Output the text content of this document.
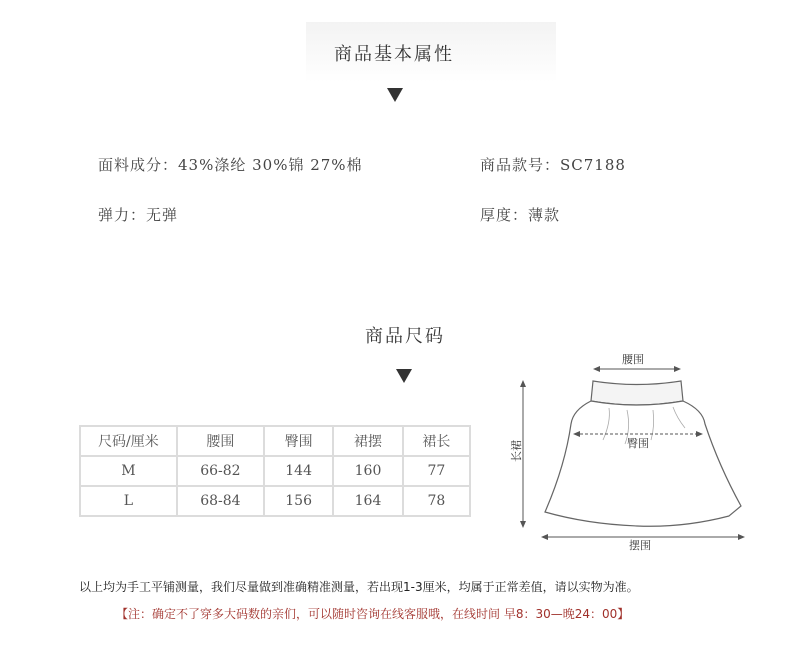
商品基本属性
面料成分：43%涤纶 30%锦 27%棉	商品款号：SC7188
弹力：无弹	厚度：薄款
商品尺码
尺码/厘米	腰围	臀围	裙摆	裙长
M	66-82	144	160	77
L	68-84	156	164	78
腰围
臀围
长裙
摆围
以上均为手工平铺测量，我们尽量做到准确精准测量，若出现1-3厘米，均属于正常差值，请以实物为准。
【注：确定不了穿多大码数的亲们，可以随时咨询在线客服哦，在线时间 早8：30—晚24：00】
